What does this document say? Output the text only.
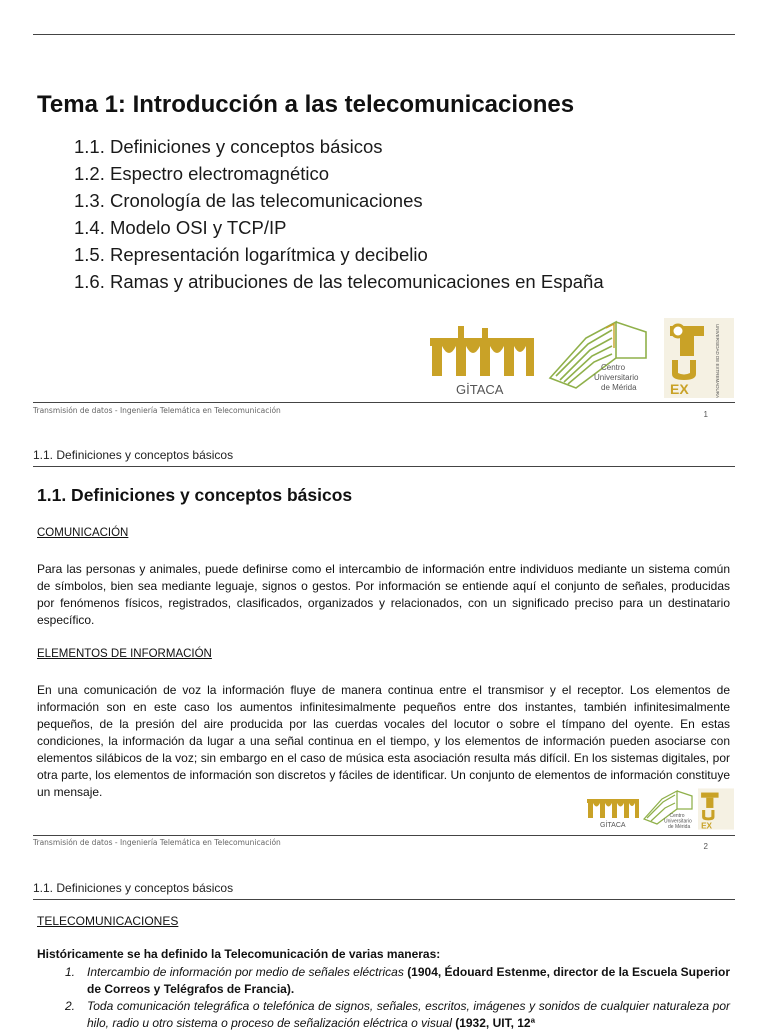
Tema 1: Introducción a las telecomunicaciones
1.1. Definiciones y conceptos básicos
1.2. Espectro electromagnético
1.3. Cronología de las telecomunicaciones
1.4. Modelo OSI y TCP/IP
1.5. Representación logarítmica y decibelio
1.6. Ramas y atribuciones de las telecomunicaciones en España
GİTACA
Centro
Universitario
de Mérida EX	UNIVERSIDAD DE EXTREMADURA
Transmisión de datos - Ingeniería Telemática en Telecomunicación	1
1.1. Definiciones y conceptos básicos
1.1. Definiciones y conceptos básicos
COMUNICACIÓN

Para las personas y animales, puede definirse como el intercambio de información entre individuos mediante un sistema común de símbolos, bien sea mediante leguaje, signos o gestos. Por información se entiende aquí el conjunto de señales, producidas por fenómenos físicos, registrados, clasificados, organizados y relacionados, con un significado preciso para un destinatario específico.

ELEMENTOS DE INFORMACIÓN

En una comunicación de voz la información fluye de manera continua entre el transmisor y el receptor. Los elementos de información son en este caso los aumentos infinitesimalmente pequeños entre dos instantes, también infinitesimalmente pequeños, de la presión del aire producida por las cuerdas vocales del locutor o sobre el tímpano del oyente. En estas condiciones, la información da lugar a una señal continua en el tiempo, y los elementos de información pueden asociarse con elementos silábicos de la voz; sin embargo en el caso de música esta asociación resulta más difícil. En los sistemas digitales, por otra parte, los elementos de información son discretos y fáciles de identificar. Un conjunto de elementos de información constituye un mensaje.

GİTACA
Centro
Universitario
de Mérida EX
Transmisión de datos - Ingeniería Telemática en Telecomunicación	2
1.1. Definiciones y conceptos básicos
TELECOMUNICACIONES

Históricamente se ha definido la Telecomunicación de varias maneras:

1. Intercambio de información por medio de señales eléctricas (1904, Édouard Estenme, director de la Escuela Superior de Correos y Telégrafos de Francia).
2. Toda comunicación telegráfica o telefónica de signos, señales, escritos, imágenes y sonidos de cualquier naturaleza por hilo, radio u otro sistema o proceso de señalización eléctrica o visual (1932, UIT, 12ª
